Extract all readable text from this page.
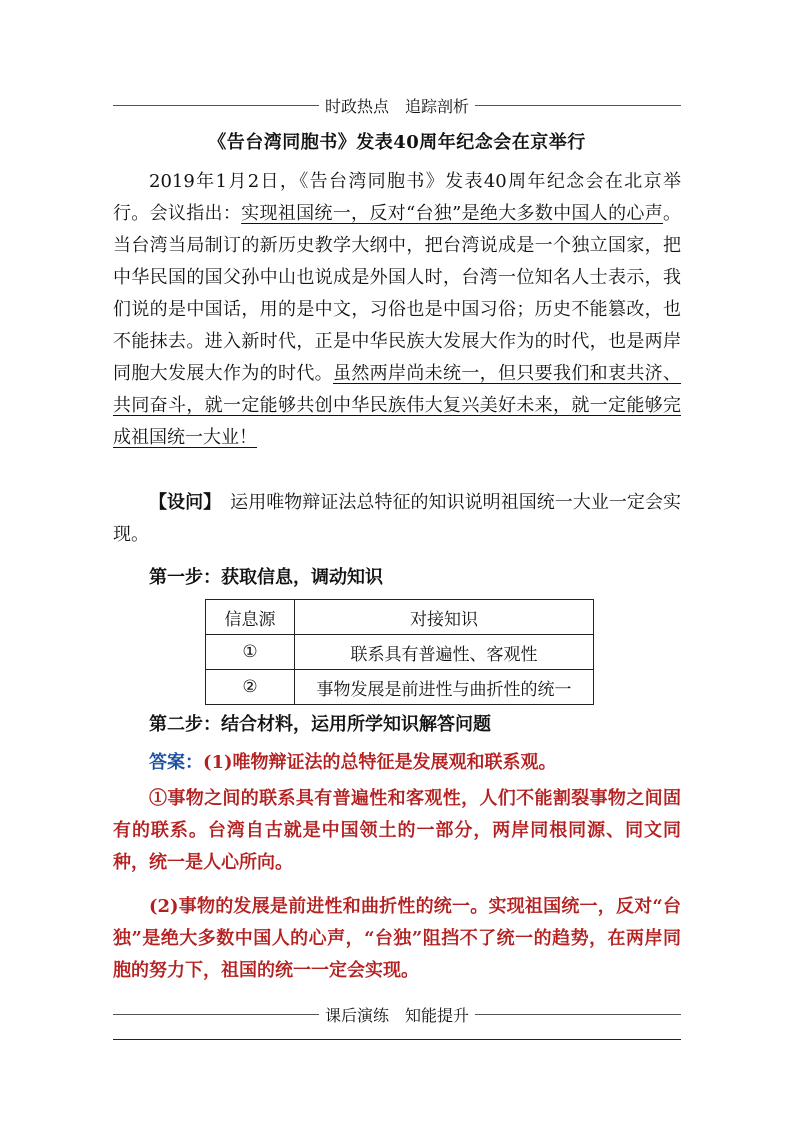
时政热点　追踪剖析
《告台湾同胞书》发表40周年纪念会在京举行
2019年1月2日，《告台湾同胞书》发表40周年纪念会在北京举行。会议指出：实现祖国统一，反对“台独”是绝大多数中国人的心声。当台湾当局制订的新历史教学大纲中，把台湾说成是一个独立国家，把中华民国的国父孙中山也说成是外国人时，台湾一位知名人士表示，我们说的是中国话，用的是中文，习俗也是中国习俗；历史不能篡改，也不能抹去。进入新时代，正是中华民族大发展大作为的时代，也是两岸同胞大发展大作为的时代。虽然两岸尚未统一，但只要我们和衷共济、共同奋斗，就一定能够共创中华民族伟大复兴美好未来，就一定能够完成祖国统一大业！
【设问】　运用唯物辩证法总特征的知识说明祖国统一大业一定会实现。
第一步：获取信息，调动知识
信息源	对接知识
①	联系具有普遍性、客观性
②	事物发展是前进性与曲折性的统一
第二步：结合材料，运用所学知识解答问题
答案：(1)唯物辩证法的总特征是发展观和联系观。
①事物之间的联系具有普遍性和客观性，人们不能割裂事物之间固有的联系。台湾自古就是中国领土的一部分，两岸同根同源、同文同种，统一是人心所向。
(2)事物的发展是前进性和曲折性的统一。实现祖国统一，反对“台独”是绝大多数中国人的心声，“台独”阻挡不了统一的趋势，在两岸同胞的努力下，祖国的统一一定会实现。
课后演练　知能提升
